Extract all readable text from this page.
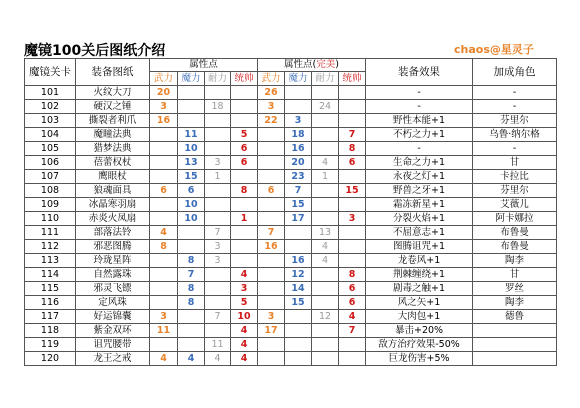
魔镜100关后图纸介绍	chaos@星灵子
魔镜关卡	装备图纸	属性点				属性点(完美)				装备效果	加成角色
		武力	魔力	耐力	统帅	武力	魔力	耐力	统帅		
101	火纹大刀	20				26				-	-
102	硬汉之锤	3		18		3		24		-	-
103	撕裂者利爪	16				22	3			野性本能+1	芬里尔
104	魔瞳法典		11		5		18		7	不朽之力+1	乌鲁·纳尔格
105	猎梦法典		10		6		16		8	-	-
106	蓓蕾权杖		13	3	6		20	4	6	生命之力+1	甘
107	鹰眼杖		15	1			23	1		永夜之灯+1	卡拉比
108	狼魂面具	6	6		8	6	7		15	野兽之牙+1	芬里尔
109	冰晶寒羽扇		10				15			霜冻新星+1	艾薇儿
110	赤炎火凤扇		10		1		17		3	分裂火焰+1	阿卡娜拉
111	部落法铃	4		7		7		13		不屈意志+1	布鲁曼
112	邪恶图腾	8		3		16		4		图腾诅咒+1	布鲁曼
113	玲珑星阵		8	3			16	4		龙卷风+1	陶李
114	自然露珠		7		4		12		8	荆棘缠绕+1	甘
115	邪灵飞镖		8		3		14		6	剧毒之触+1	罗丝
116	定风珠		8		5		15		6	风之矢+1	陶李
117	好运锦囊	3		7	10	3		12	4	大肉包+1	德鲁
118	紫金双环	11			4	17			7	暴击+20%	
119	诅咒腰带			11	4					敌方治疗效果-50%	
120	龙王之戒	4	4	4	4					巨龙伤害+5%	
